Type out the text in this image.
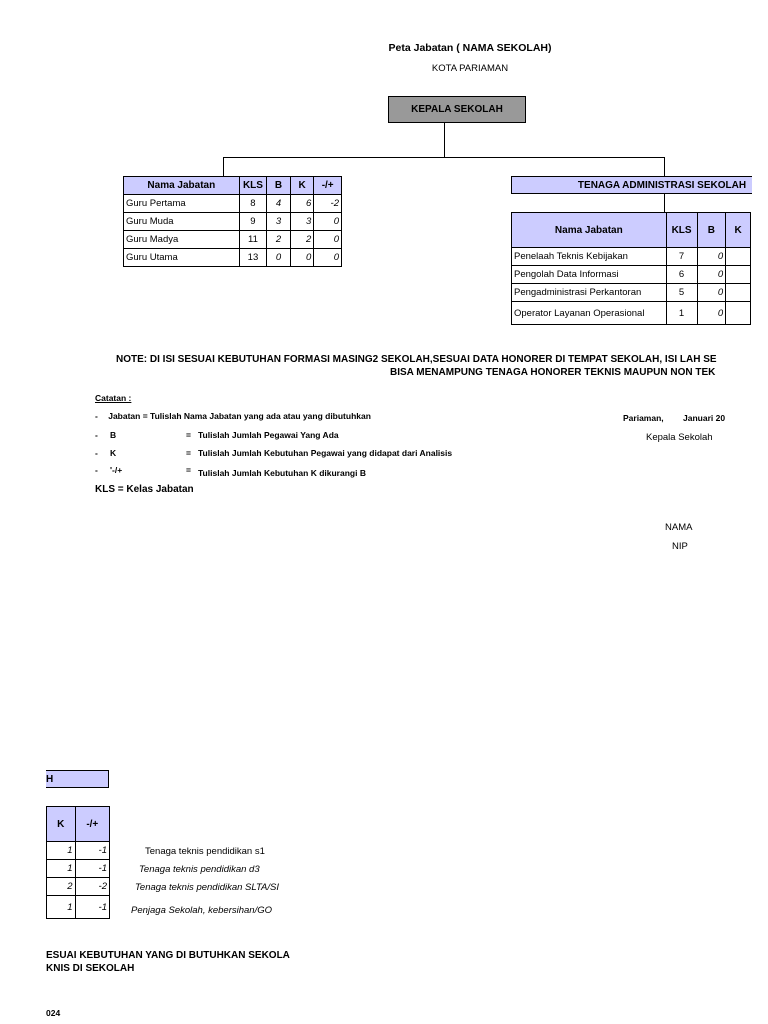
Peta Jabatan ( NAMA SEKOLAH)
KOTA PARIAMAN
KEPALA SEKOLAH
Nama Jabatan	KLS	B	K	-/+
Guru Pertama	8	4	6	-2
Guru Muda	9	3	3	0
Guru Madya	11	2	2	0
Guru Utama	13	0	0	0
TENAGA ADMINISTRASI SEKOLAH
Nama Jabatan	KLS	B	K
Penelaah Teknis Kebijakan	7	0	
Pengolah Data Informasi	6	0	
Pengadministrasi Perkantoran	5	0	
Operator Layanan Operasional	1	0	
NOTE: DI ISI SESUAI KEBUTUHAN FORMASI MASING2 SEKOLAH,SESUAI DATA HONORER DI TEMPAT SEKOLAH, ISI LAH SE
BISA MENAMPUNG TENAGA HONORER TEKNIS MAUPUN NON TEK
Catatan :
- Jabatan = Tulislah Nama Jabatan yang ada atau yang dibutuhkan
- B	= Tulislah Jumlah Pegawai Yang Ada
- K	= Tulislah Jumlah Kebutuhan Pegawai yang didapat dari Analisis
- '-/+	= Tulislah Jumlah Kebutuhan K dikurangi B
KLS = Kelas Jabatan
Pariaman, Januari 20
Kepala Sekolah
NAMA
NIP
H
K	-/+
1	-1
1	-1
2	-2
1	-1
Tenaga teknis pendidikan s1
Tenaga teknis pendidikan d3
Tenaga teknis pendidikan SLTA/SI
Penjaga Sekolah, kebersihan/GO
ESUAI KEBUTUHAN YANG DI BUTUHKAN SEKOLA
KNIS DI SEKOLAH
024
